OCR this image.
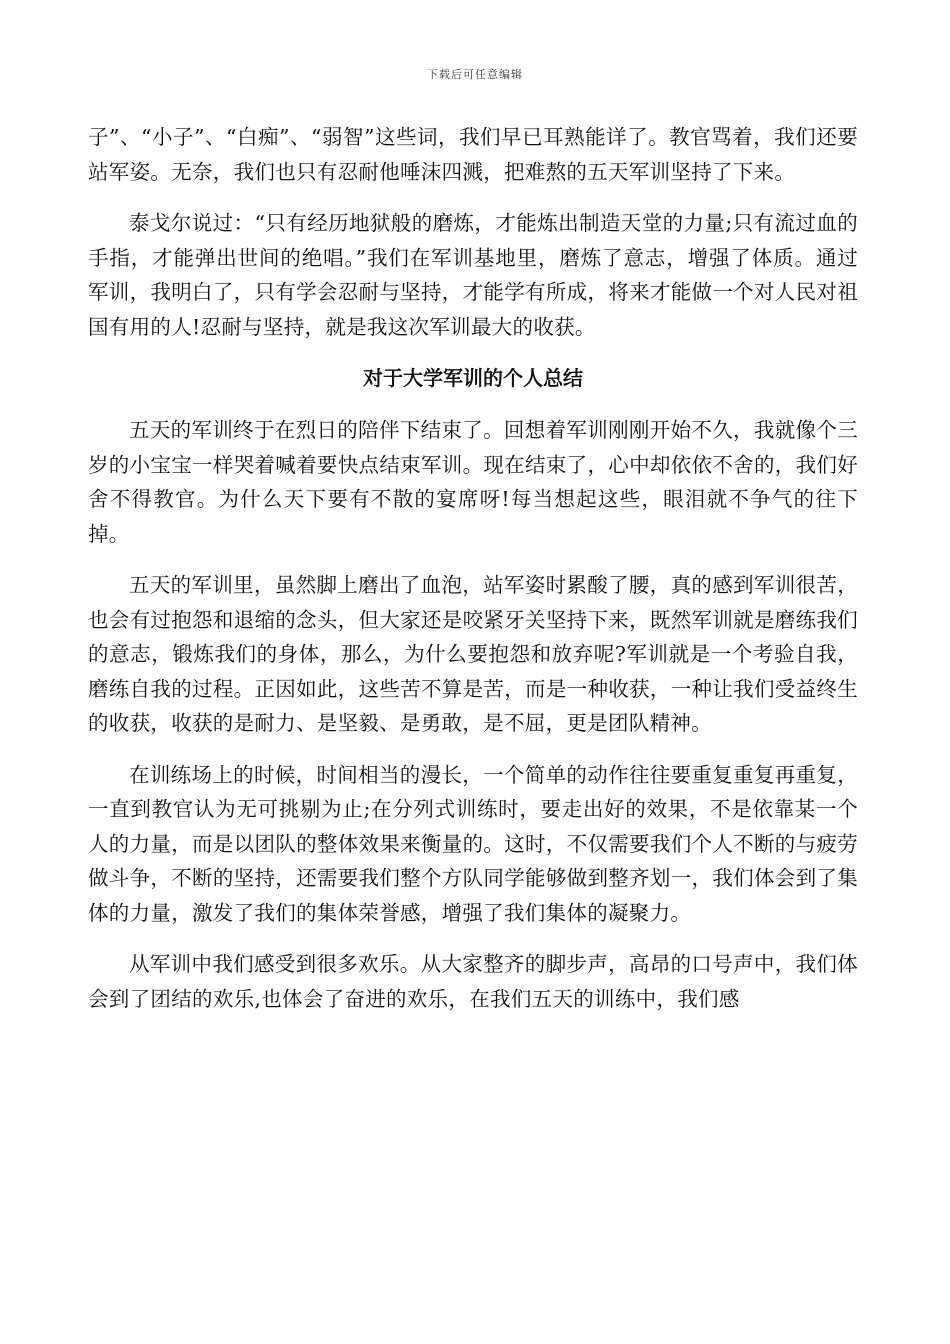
下载后可任意编辑

子”、“小子”、“白痴”、“弱智”这些词，我们早已耳熟能详了。教官骂着，我们还要站军姿。无奈，我们也只有忍耐他唾沫四溅，把难熬的五天军训坚持了下来。

泰戈尔说过：“只有经历地狱般的磨炼，才能炼出制造天堂的力量;只有流过血的手指，才能弹出世间的绝唱。”我们在军训基地里，磨炼了意志，增强了体质。通过军训，我明白了，只有学会忍耐与坚持，才能学有所成，将来才能做一个对人民对祖国有用的人!忍耐与坚持，就是我这次军训最大的收获。

对于大学军训的个人总结

五天的军训终于在烈日的陪伴下结束了。回想着军训刚刚开始不久，我就像个三岁的小宝宝一样哭着喊着要快点结束军训。现在结束了，心中却依依不舍的，我们好舍不得教官。为什么天下要有不散的宴席呀!每当想起这些，眼泪就不争气的往下掉。

五天的军训里，虽然脚上磨出了血泡，站军姿时累酸了腰，真的感到军训很苦，也会有过抱怨和退缩的念头，但大家还是咬紧牙关坚持下来，既然军训就是磨练我们的意志，锻炼我们的身体，那么，为什么要抱怨和放弃呢?军训就是一个考验自我，磨练自我的过程。正因如此，这些苦不算是苦，而是一种收获，一种让我们受益终生的收获，收获的是耐力、是坚毅、是勇敢，是不屈，更是团队精神。

在训练场上的时候，时间相当的漫长，一个简单的动作往往要重复重复再重复，一直到教官认为无可挑剔为止;在分列式训练时，要走出好的效果，不是依靠某一个人的力量，而是以团队的整体效果来衡量的。这时，不仅需要我们个人不断的与疲劳做斗争，不断的坚持，还需要我们整个方队同学能够做到整齐划一，我们体会到了集体的力量，激发了我们的集体荣誉感，增强了我们集体的凝聚力。

从军训中我们感受到很多欢乐。从大家整齐的脚步声，高昂的口号声中，我们体会到了团结的欢乐,也体会了奋进的欢乐，在我们五天的训练中，我们感
